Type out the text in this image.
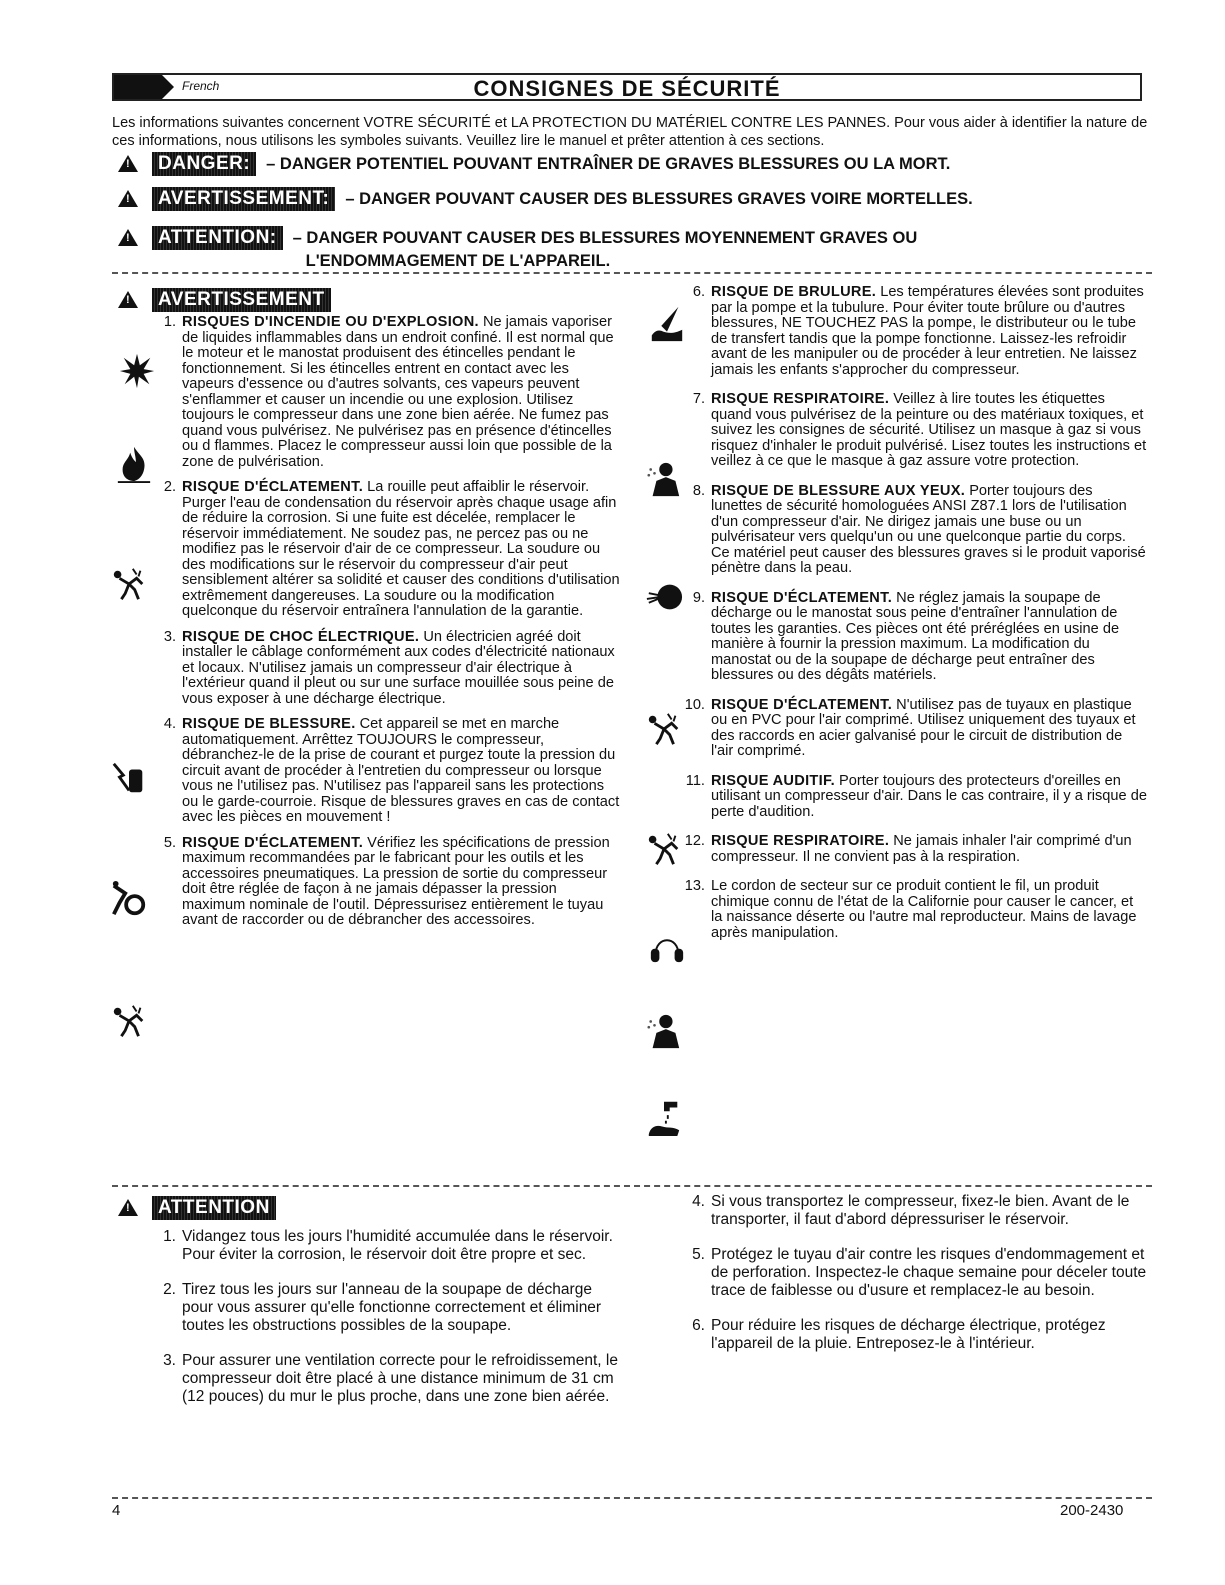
French	CONSIGNES DE SÉCURITÉ
Les informations suivantes concernent VOTRE SÉCURITÉ et LA PROTECTION DU MATÉRIEL CONTRE LES PANNES. Pour vous aider à identifier la nature de ces informations, nous utilisons les symboles suivants. Veuillez lire le manuel et prêter attention à ces sections.
!
DANGER: – DANGER POTENTIEL POUVANT ENTRAÎNER DE GRAVES BLESSURES OU LA MORT.
!
AVERTISSEMENT: – DANGER POUVANT CAUSER DES BLESSURES GRAVES VOIRE MORTELLES.
!
ATTENTION: – DANGER POUVANT CAUSER DES BLESSURES MOYENNEMENT GRAVES OU
L'ENDOMMAGEMENT DE L'APPAREIL.
!
AVERTISSEMENT
1. RISQUES D'INCENDIE OU D'EXPLOSION. Ne jamais vaporiser de liquides inflammables dans un endroit confiné. Il est normal que le moteur et le manostat produisent des étincelles pendant le fonctionnement. Si les étincelles entrent en contact avec les vapeurs d'essence ou d'autres solvants, ces vapeurs peuvent s'enflammer et causer un incendie ou une explosion. Utilisez toujours le compresseur dans une zone bien aérée. Ne fumez pas quand vous pulvérisez. Ne pulvérisez pas en présence d'étincelles ou d flammes. Placez le compresseur aussi loin que possible de la zone de pulvérisation.
2. RISQUE D'ÉCLATEMENT. La rouille peut affaiblir le réservoir. Purger l'eau de condensation du réservoir après chaque usage afin de réduire la corrosion. Si une fuite est décelée, remplacer le réservoir immédiatement. Ne soudez pas, ne percez pas ou ne modifiez pas le réservoir d'air de ce compresseur. La soudure ou des modifications sur le réservoir du compresseur d'air peut sensiblement altérer sa solidité et causer des conditions d'utilisation extrêmement dangereuses. La soudure ou la modification quelconque du réservoir entraînera l'annulation de la garantie.
3. RISQUE DE CHOC ÉLECTRIQUE. Un électricien agréé doit installer le câblage conformément aux codes d'électricité nationaux et locaux. N'utilisez jamais un compresseur d'air électrique à l'extérieur quand il pleut ou sur une surface mouillée sous peine de vous exposer à une décharge électrique.
4. RISQUE DE BLESSURE. Cet appareil se met en marche automatiquement. Arrêttez TOUJOURS le compresseur, débranchez-le de la prise de courant et purgez toute la pression du circuit avant de procéder à l'entretien du compresseur ou lorsque vous ne l'utilisez pas. N'utilisez pas l'appareil sans les protections ou le garde-courroie. Risque de blessures graves en cas de contact avec les pièces en mouvement !
5. RISQUE D'ÉCLATEMENT. Vérifiez les spécifications de pression maximum recommandées par le fabricant pour les outils et les accessoires pneumatiques. La pression de sortie du compresseur doit être réglée de façon à ne jamais dépasser la pression maximum nominale de l'outil. Dépressurisez entièrement le tuyau avant de raccorder ou de débrancher des accessoires.
6. RISQUE DE BRULURE. Les températures élevées sont produites par la pompe et la tubulure. Pour éviter toute brûlure ou d'autres blessures, NE TOUCHEZ PAS la pompe, le distributeur ou le tube de transfert tandis que la pompe fonctionne. Laissez-les refroidir avant de les manipuler ou de procéder à leur entretien. Ne laissez jamais les enfants s'approcher du compresseur.
7. RISQUE RESPIRATOIRE. Veillez à lire toutes les étiquettes quand vous pulvérisez de la peinture ou des matériaux toxiques, et suivez les consignes de sécurité. Utilisez un masque à gaz si vous risquez d'inhaler le produit pulvérisé. Lisez toutes les instructions et veillez à ce que le masque à gaz assure votre protection.
8. RISQUE DE BLESSURE AUX YEUX. Porter toujours des lunettes de sécurité homologuées ANSI Z87.1 lors de l'utilisation d'un compresseur d'air. Ne dirigez jamais une buse ou un pulvérisateur vers quelqu'un ou une quelconque partie du corps. Ce matériel peut causer des blessures graves si le produit vaporisé pénètre dans la peau.
9. RISQUE D'ÉCLATEMENT. Ne réglez jamais la soupape de décharge ou le manostat sous peine d'entraîner l'annulation de toutes les garanties. Ces pièces ont été préréglées en usine de manière à fournir la pression maximum. La modification du manostat ou de la soupape de décharge peut entraîner des blessures ou des dégâts matériels.
10. RISQUE D'ÉCLATEMENT. N'utilisez pas de tuyaux en plastique ou en PVC pour l'air comprimé. Utilisez uniquement des tuyaux et des raccords en acier galvanisé pour le circuit de distribution de l'air comprimé.
11. RISQUE AUDITIF. Porter toujours des protecteurs d'oreilles en utilisant un compresseur d'air. Dans le cas contraire, il y a risque de perte d'audition.
12. RISQUE RESPIRATOIRE. Ne jamais inhaler l'air comprimé d'un compresseur. Il ne convient pas à la respiration.
13. Le cordon de secteur sur ce produit contient le fil, un produit chimique connu de l'état de la Californie pour causer le cancer, et la naissance déserte ou l'autre mal reproducteur. Mains de lavage après manipulation.
!
ATTENTION
1. Vidangez tous les jours l'humidité accumulée dans le réservoir. Pour éviter la corrosion, le réservoir doit être propre et sec.
2. Tirez tous les jours sur l'anneau de la soupape de décharge pour vous assurer qu'elle fonctionne correctement et éliminer toutes les obstructions possibles de la soupape.
3. Pour assurer une ventilation correcte pour le refroidissement, le compresseur doit être placé à une distance minimum de 31 cm (12 pouces) du mur le plus proche, dans une zone bien aérée.
4. Si vous transportez le compresseur, fixez-le bien. Avant de le transporter, il faut d'abord dépressuriser le réservoir.
5. Protégez le tuyau d'air contre les risques d'endommagement et de perforation. Inspectez-le chaque semaine pour déceler toute trace de faiblesse ou d'usure et remplacez-le au besoin.
6. Pour réduire les risques de décharge électrique, protégez l'appareil de la pluie. Entreposez-le à l'intérieur.
4	200-2430
